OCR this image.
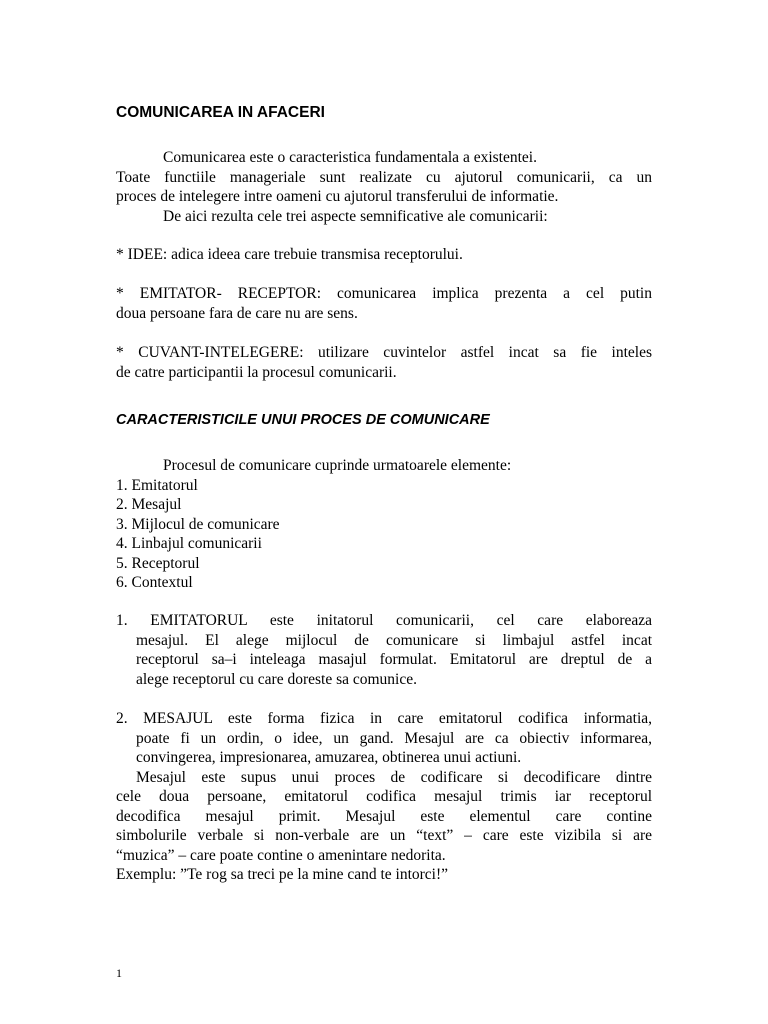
COMUNICAREA IN AFACERI
Comunicarea este o caracteristica fundamentala a existentei.
Toate functiile manageriale sunt realizate cu ajutorul comunicarii, ca un
proces de intelegere intre oameni cu ajutorul transferului de informatie.
De aici rezulta cele trei aspecte semnificative ale comunicarii:
* IDEE: adica ideea care trebuie transmisa receptorului.
* EMITATOR- RECEPTOR: comunicarea implica prezenta a cel putin
doua persoane fara de care nu are sens.
* CUVANT-INTELEGERE: utilizare cuvintelor astfel incat sa fie inteles
de catre participantii la procesul comunicarii.
CARACTERISTICILE UNUI PROCES DE COMUNICARE
Procesul de comunicare cuprinde urmatoarele elemente:
1. Emitatorul
2. Mesajul
3. Mijlocul de comunicare
4. Linbajul comunicarii
5. Receptorul
6. Contextul
1. EMITATORUL este initatorul comunicarii, cel care elaboreaza
mesajul. El alege mijlocul de comunicare si limbajul astfel incat
receptorul sa–i inteleaga masajul formulat. Emitatorul are dreptul de a
alege receptorul cu care doreste sa comunice.
2. MESAJUL este forma fizica in care emitatorul codifica informatia,
poate fi un ordin, o idee, un gand. Mesajul are ca obiectiv informarea,
convingerea, impresionarea, amuzarea, obtinerea unui actiuni.
Mesajul este supus unui proces de codificare si decodificare dintre
cele doua persoane, emitatorul codifica mesajul trimis iar receptorul
decodifica mesajul primit. Mesajul este elementul care contine
simbolurile verbale si non-verbale are un “text” – care este vizibila si are
“muzica” – care poate contine o amenintare nedorita.
Exemplu: ”Te rog sa treci pe la mine cand te intorci!”
1
